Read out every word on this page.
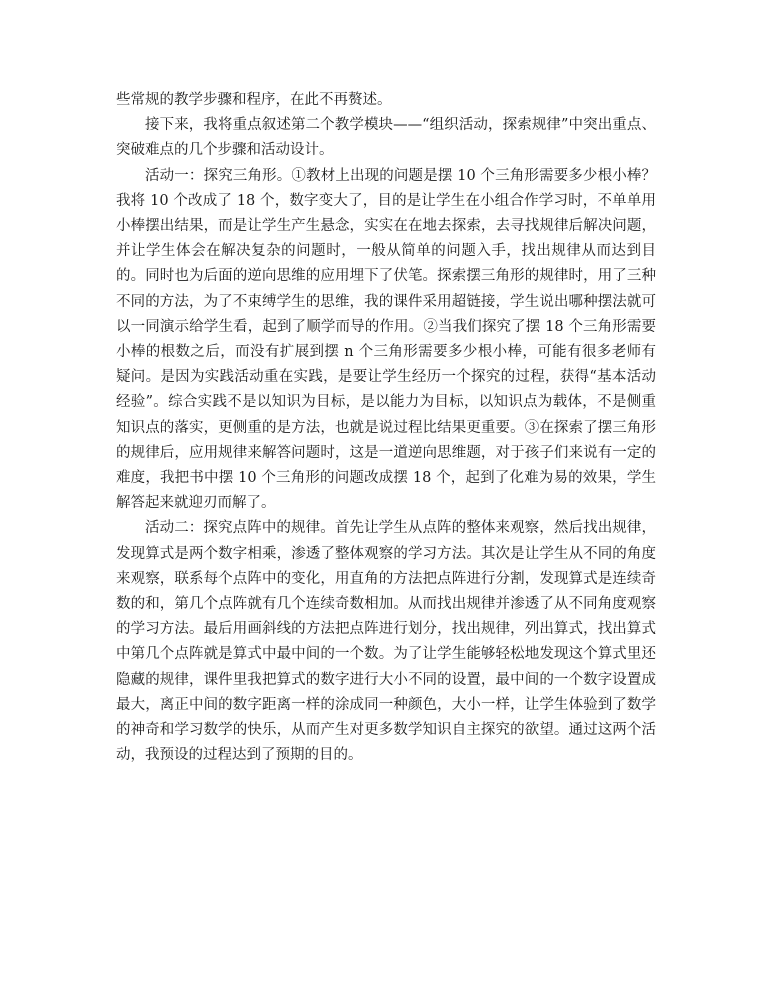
些常规的教学步骤和程序，在此不再赘述。

接下来，我将重点叙述第二个教学模块——“组织活动，探索规律”中突出重点、突破难点的几个步骤和活动设计。

活动一：探究三角形。①教材上出现的问题是摆 10 个三角形需要多少根小棒？我将 10 个改成了 18 个，数字变大了，目的是让学生在小组合作学习时，不单单用小棒摆出结果，而是让学生产生悬念，实实在在地去探索，去寻找规律后解决问题，并让学生体会在解决复杂的问题时，一般从简单的问题入手，找出规律从而达到目的。同时也为后面的逆向思维的应用埋下了伏笔。探索摆三角形的规律时，用了三种不同的方法，为了不束缚学生的思维，我的课件采用超链接，学生说出哪种摆法就可以一同演示给学生看，起到了顺学而导的作用。②当我们探究了摆 18 个三角形需要小棒的根数之后，而没有扩展到摆 n 个三角形需要多少根小棒，可能有很多老师有疑问。是因为实践活动重在实践，是要让学生经历一个探究的过程，获得“基本活动经验”。综合实践不是以知识为目标，是以能力为目标，以知识点为载体，不是侧重知识点的落实，更侧重的是方法，也就是说过程比结果更重要。③在探索了摆三角形的规律后，应用规律来解答问题时，这是一道逆向思维题，对于孩子们来说有一定的难度，我把书中摆 10 个三角形的问题改成摆 18 个，起到了化难为易的效果，学生解答起来就迎刃而解了。

活动二：探究点阵中的规律。首先让学生从点阵的整体来观察，然后找出规律，发现算式是两个数字相乘，渗透了整体观察的学习方法。其次是让学生从不同的角度来观察，联系每个点阵中的变化，用直角的方法把点阵进行分割，发现算式是连续奇数的和，第几个点阵就有几个连续奇数相加。从而找出规律并渗透了从不同角度观察的学习方法。最后用画斜线的方法把点阵进行划分，找出规律，列出算式，找出算式中第几个点阵就是算式中最中间的一个数。为了让学生能够轻松地发现这个算式里还隐藏的规律，课件里我把算式的数字进行大小不同的设置，最中间的一个数字设置成最大，离正中间的数字距离一样的涂成同一种颜色，大小一样，让学生体验到了数学的神奇和学习数学的快乐，从而产生对更多数学知识自主探究的欲望。通过这两个活动，我预设的过程达到了预期的目的。
